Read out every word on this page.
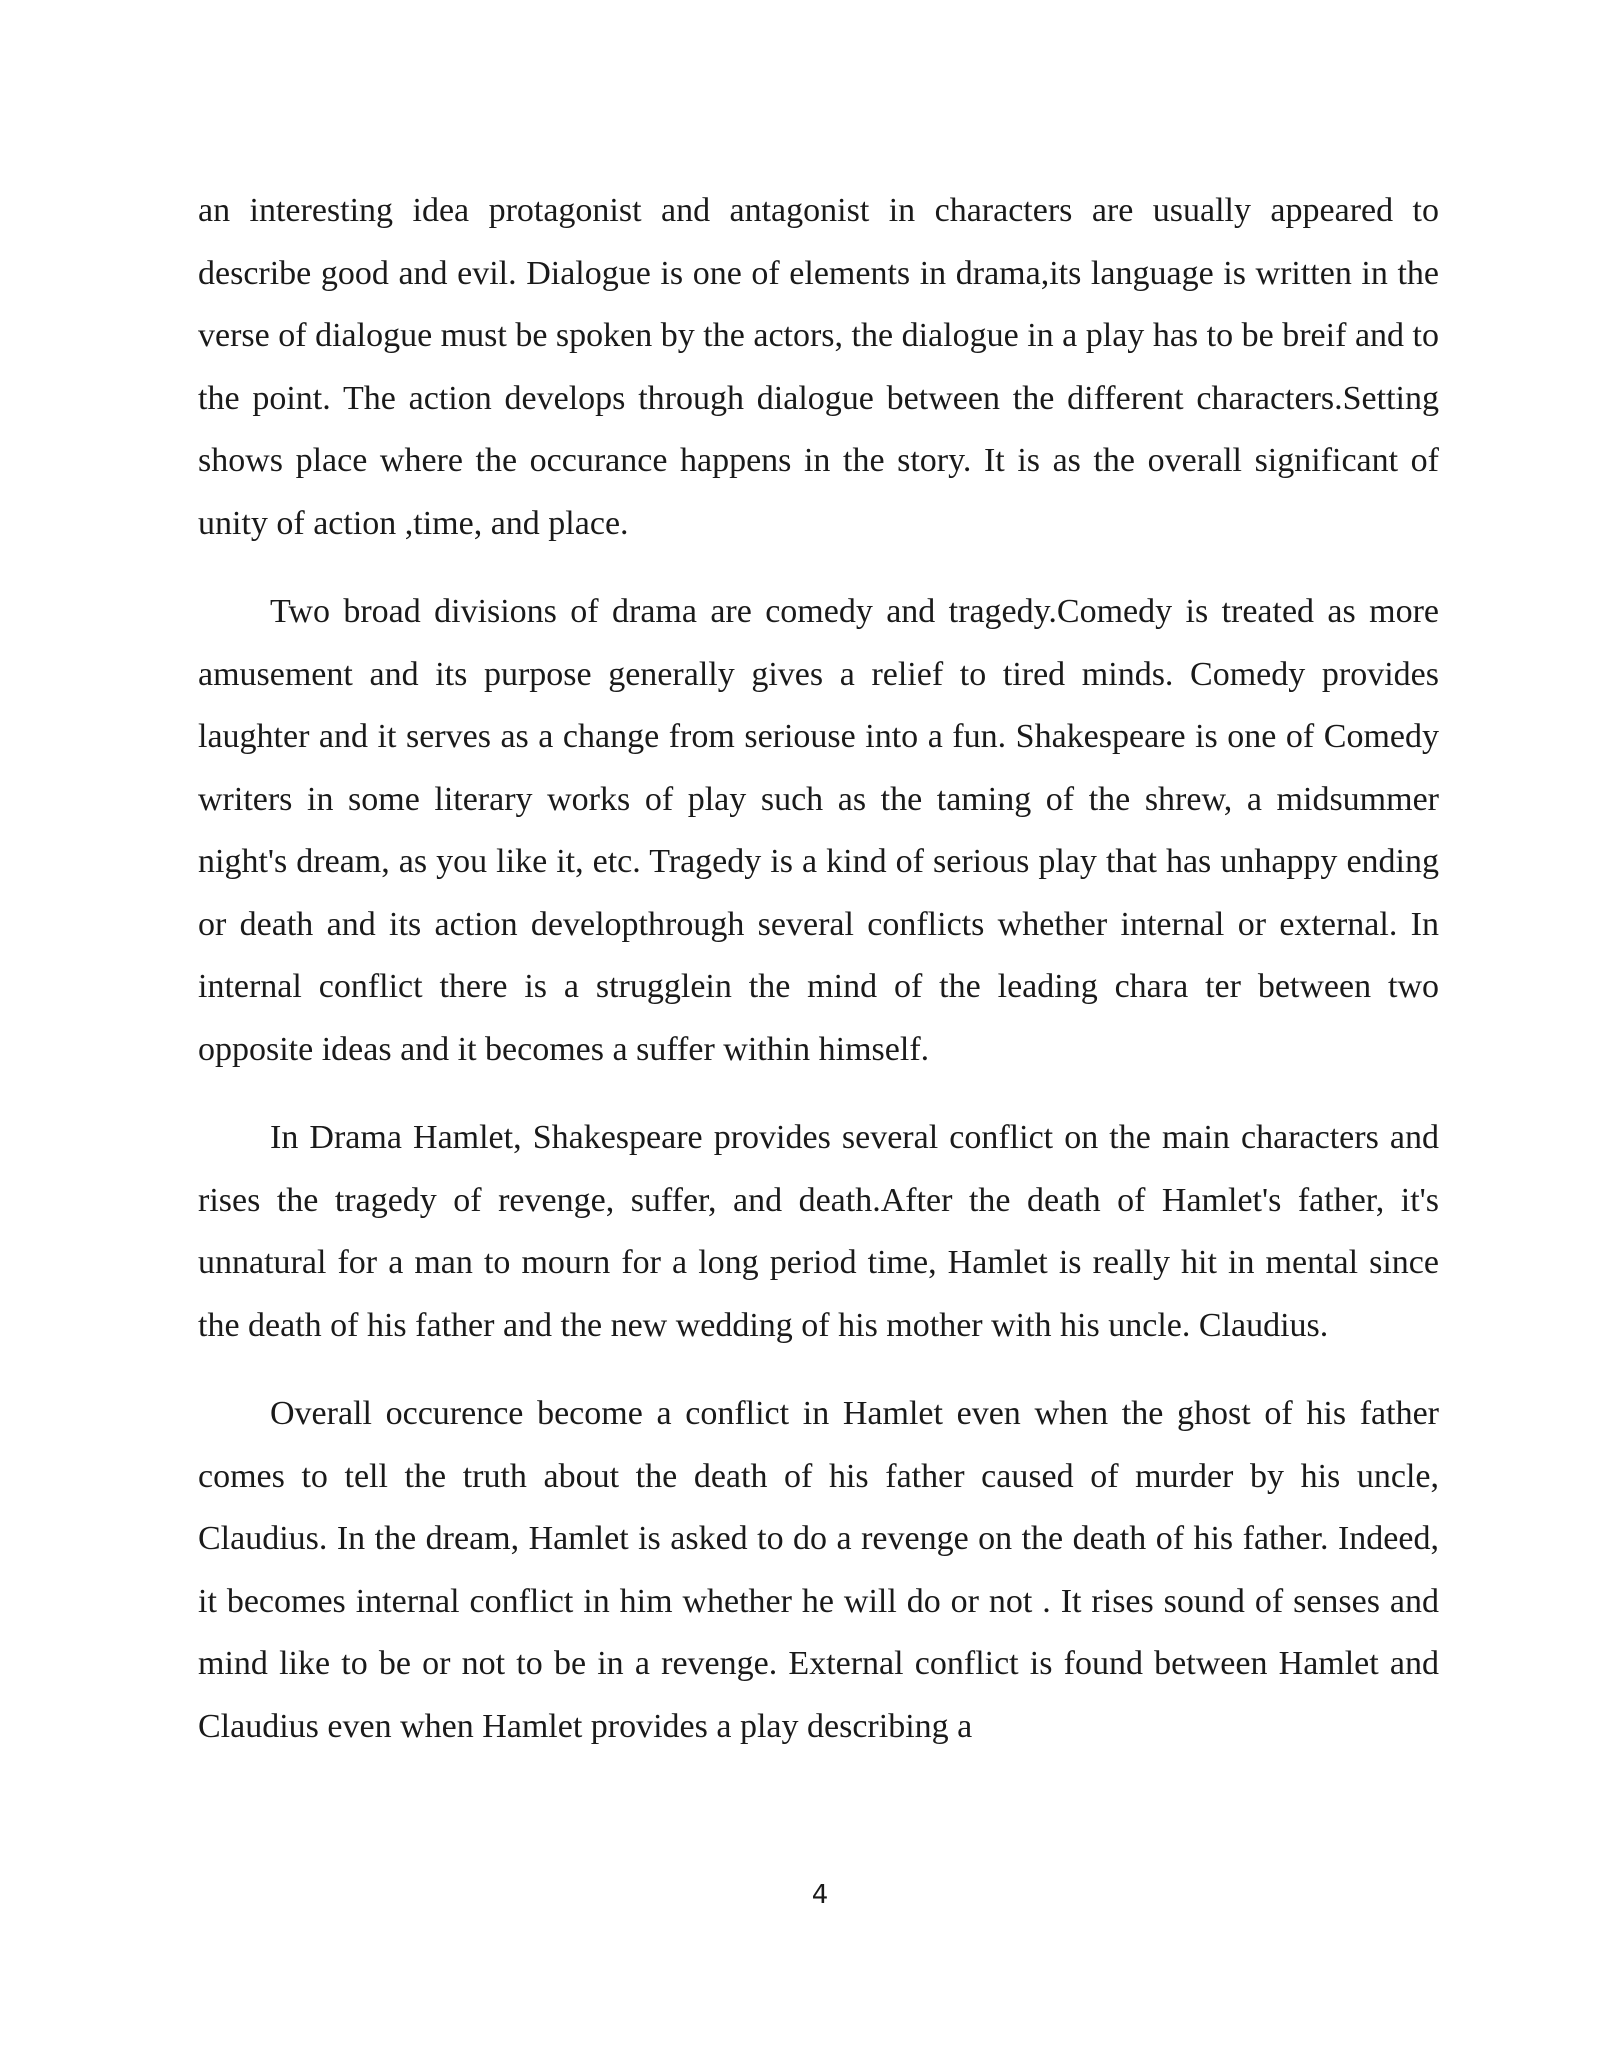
an interesting idea protagonist and antagonist in characters are usually appeared to describe good and evil. Dialogue is one of elements in drama,its language is written in the verse of dialogue must be spoken by the actors, the dialogue in a play has to be breif and to the point. The action develops through dialogue between the different characters.Setting shows place where the occurance happens in the story. It is as the overall significant of unity of action ,time, and place.

Two broad divisions of drama are comedy and tragedy.Comedy is treated as more amusement and its purpose generally gives a relief to tired minds. Comedy provides laughter and it serves as a change from seriouse into a fun. Shakespeare is one of Comedy writers in some literary works of play such as the taming of the shrew, a midsummer night's dream, as you like it, etc. Tragedy is a kind of serious play that has unhappy ending or death and its action developthrough several conflicts whether internal or external. In internal conflict there is a strugglein the mind of the leading chara ter between two opposite ideas and it becomes a suffer within himself.

In Drama Hamlet, Shakespeare provides several conflict on the main characters and rises the tragedy of revenge, suffer, and death.After the death of Hamlet's father, it's unnatural for a man to mourn for a long period time, Hamlet is really hit in mental since the death of his father and the new wedding of his mother with his uncle. Claudius.

Overall occurence become a conflict in Hamlet even when the ghost of his father comes to tell the truth about the death of his father caused of murder by his uncle, Claudius. In the dream, Hamlet is asked to do a revenge on the death of his father. Indeed, it becomes internal conflict in him whether he will do or not . It rises sound of senses and mind like to be or not to be in a revenge. External conflict is found between Hamlet and Claudius even when Hamlet provides a play describing a

4
